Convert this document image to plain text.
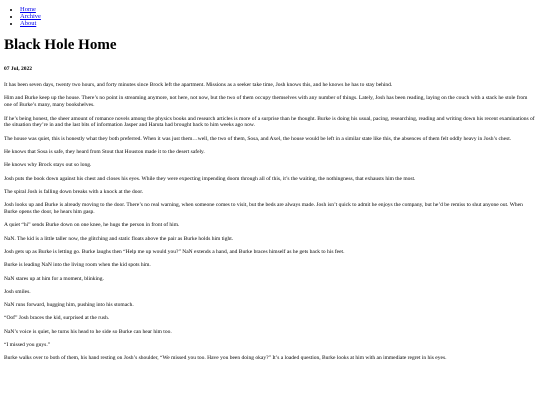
• Home
• Archive
• About
Black Hole Home
07 Jul, 2022

It has been seven days, twenty two hours, and forty minutes since Brock left the apartment. Missions as a seeker take time, Josh knows this, and he knows he has to stay behind.

Him and Burke keep up the house. There’s no point in streaming anymore, not here, not now, but the two of them occupy themselves with any number of things. Lately, Josh has been reading, laying on the couch with a stack he stole from one of Burke’s many, many bookshelves.

If he’s being honest, the sheer amount of romance novels among the physics books and research articles is more of a surprise than he thought. Burke is doing his usual, pacing, researching, reading and writing down his recent examinations of the situation they’re in and the last bits of information Jasper and Haruta had brought back to him weeks ago now.

The house was quiet, this is honestly what they both preferred. When it was just them…well, the two of them, Sosa, and Axel, the house would be left in a similar state like this, the absences of them felt oddly heavy in Josh’s chest.

He knows that Sosa is safe, they heard from Stout that Houston made it to the desert safely.

He knows why Brock stays out so long.

Josh puts the book down against his chest and closes his eyes. While they were expecting impending doom through all of this, it’s the waiting, the nothingness, that exhausts him the most.

The spiral Josh is falling down breaks with a knock at the door.

Josh looks up and Burke is already moving to the door. There’s no real warning, when someone comes to visit, but the beds are always made. Josh isn’t quick to admit he enjoys the company, but he’d be remiss to shut anyone out. When Burke opens the door, he hears him gasp.

A quiet “hi” sends Burke down on one knee, he hugs the person in front of him.

NaN. The kid is a little taller now, the glitching and static floats above the pair as Burke holds him tight.

Josh gets up as Burke is letting go. Burke laughs then “Help me up would you?” NaN extends a hand, and Burke braces himself as he gets back to his feet.

Burke is leading NaN into the living room when the kid spots him.

NaN stares up at him for a moment, blinking.

Josh smiles.

NaN runs forward, hugging him, pushing into his stomach.

“Oof” Josh braces the kid, surprised at the rush.

NaN’s voice is quiet, he turns his head to he side so Burke can hear him too.

“I missed you guys.”

Burke walks over to both of them, his hand resting on Josh’s shoulder, “We missed you too. Have you been doing okay?” It’s a loaded question, Burke looks at him with an immediate regret in his eyes.
